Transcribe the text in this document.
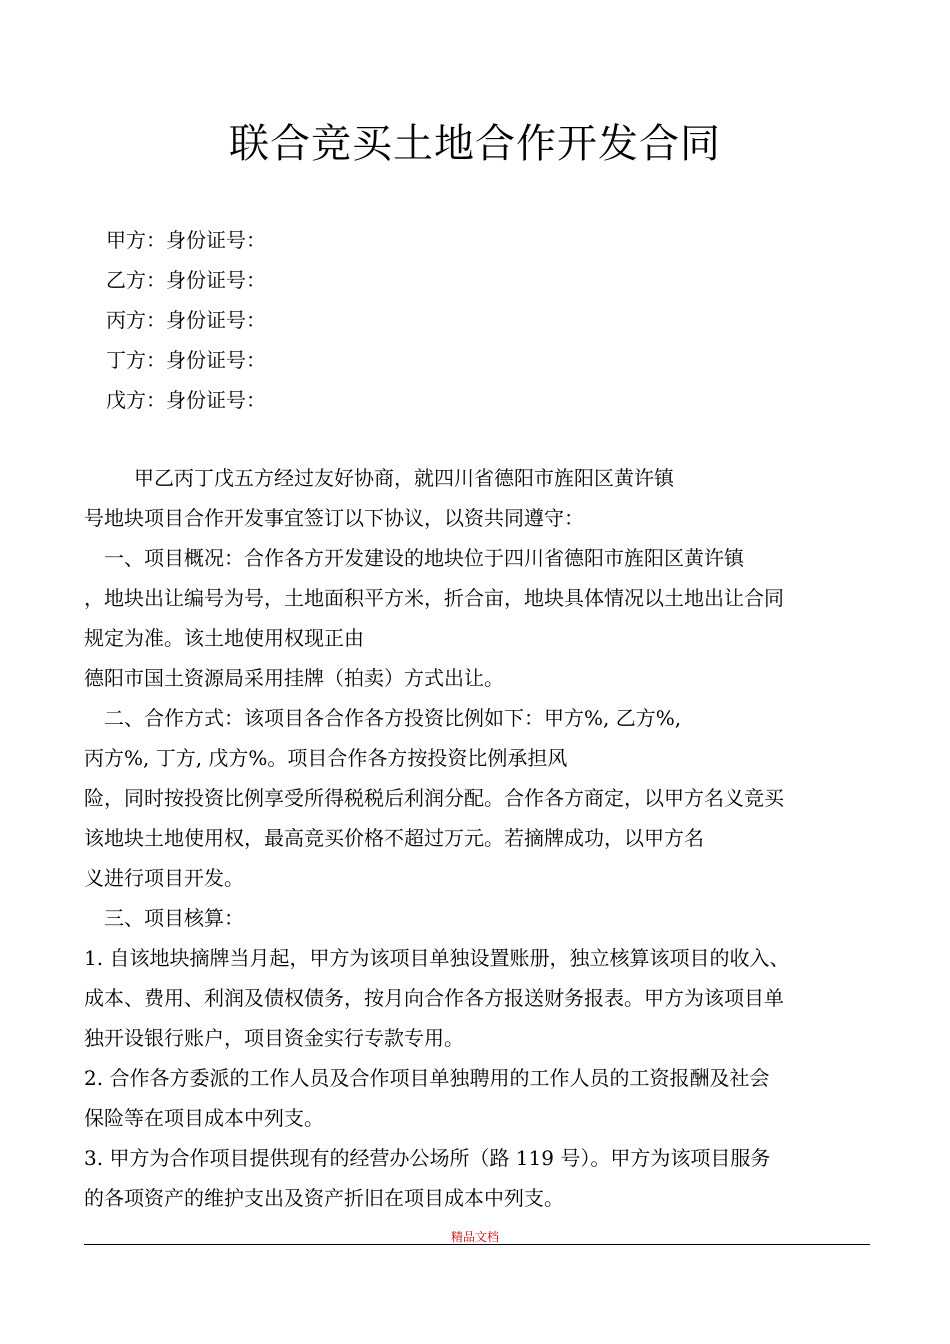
联合竞买土地合作开发合同
甲方：身份证号：
乙方：身份证号：
丙方：身份证号：
丁方：身份证号：
戊方：身份证号：
甲乙丙丁戊五方经过友好协商，就四川省德阳市旌阳区黄许镇
号地块项目合作开发事宜签订以下协议，以资共同遵守：
一、项目概况：合作各方开发建设的地块位于四川省德阳市旌阳区黄许镇
，地块出让编号为号，土地面积平方米，折合亩，地块具体情况以土地出让合同
规定为准。该土地使用权现正由
德阳市国土资源局采用挂牌（拍卖）方式出让。
二、合作方式：该项目各合作各方投资比例如下：甲方%, 乙方%,
丙方%, 丁方, 戊方%。项目合作各方按投资比例承担风
险，同时按投资比例享受所得税税后利润分配。合作各方商定，以甲方名义竞买
该地块土地使用权，最高竞买价格不超过万元。若摘牌成功，以甲方名
义进行项目开发。
三、项目核算：
1. 自该地块摘牌当月起，甲方为该项目单独设置账册，独立核算该项目的收入、
成本、费用、利润及债权债务，按月向合作各方报送财务报表。甲方为该项目单
独开设银行账户，项目资金实行专款专用。
2. 合作各方委派的工作人员及合作项目单独聘用的工作人员的工资报酬及社会
保险等在项目成本中列支。
3. 甲方为合作项目提供现有的经营办公场所（路 119 号）。甲方为该项目服务
的各项资产的维护支出及资产折旧在项目成本中列支。
精品文档
